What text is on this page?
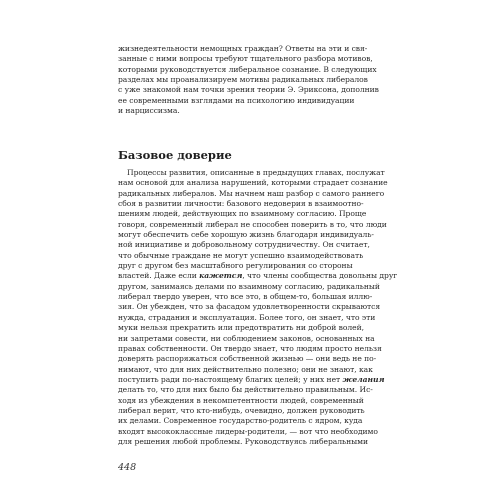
жизнедеятельности немощных граждан? Ответы на эти и свя-
занные с ними вопросы требуют тщательного разбора мотивов,
которыми руководствуется либеральное сознание. В следующих
разделах мы проанализируем мотивы радикальных либералов
с уже знакомой нам точки зрения теории Э. Эриксона, дополнив
ее современными взглядами на психологию индивидуации
и нарциссизма.
Базовое доверие
Процессы развития, описанные в предыдущих главах, послужат
нам основой для анализа нарушений, которыми страдает сознание
радикальных либералов. Мы начнем наш разбор с самого раннего
сбоя в развитии личности: базового недоверия в взаимоотно-
шениям людей, действующих по взаимному согласию. Проще
говоря, современный либерал не способен поверить в то, что люди
могут обеспечить себе хорошую жизнь благодаря индивидуаль-
ной инициативе и добровольному сотрудничеству. Он считает,
что обычные граждане не могут успешно взаимодействовать
друг с другом без масштабного регулирования со стороны
властей. Даже если кажется, что члены сообщества довольны друг
другом, занимаясь делами по взаимному согласию, радикальный
либерал твердо уверен, что все это, в общем-то, большая иллю-
зия. Он убежден, что за фасадом удовлетворенности скрываются
нужда, страдания и эксплуатация. Более того, он знает, что эти
муки нельзя прекратить или предотвратить ни доброй волей,
ни запретами совести, ни соблюдением законов, основанных на
правах собственности. Он твердо знает, что людям просто нельзя
доверять распоряжаться собственной жизнью — они ведь не по-
нимают, что для них действительно полезно; они не знают, как
поступить ради по-настоящему благих целей; у них нет желания
делать то, что для них было бы действительно правильным. Ис-
ходя из убеждения в некомпетентности людей, современный
либерал верит, что кто-нибудь, очевидно, должен руководить
их делами. Современное государство-родитель с ядром, куда
входят высококлассные лидеры-родители, — вот что необходимо
для решения любой проблемы. Руководствуясь либеральными
448
